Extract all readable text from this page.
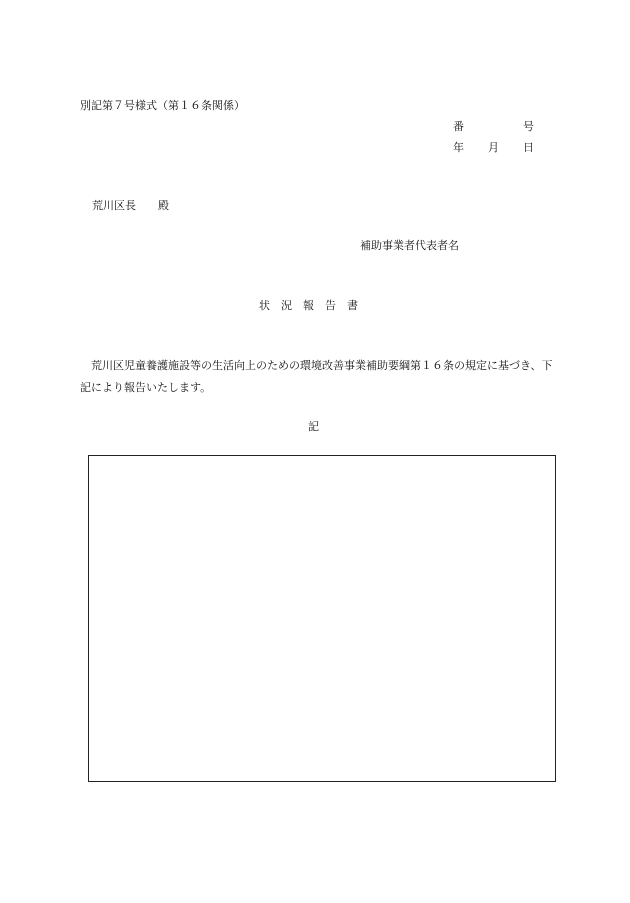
別記第７号様式（第１６条関係）
番	号
年 月 日
荒川区長 殿
補助事業者代表者名
状 況 報 告 書
荒川区児童養護施設等の生活向上のための環境改善事業補助要綱第１６条の規定に基づき、下記により報告いたします。
記
